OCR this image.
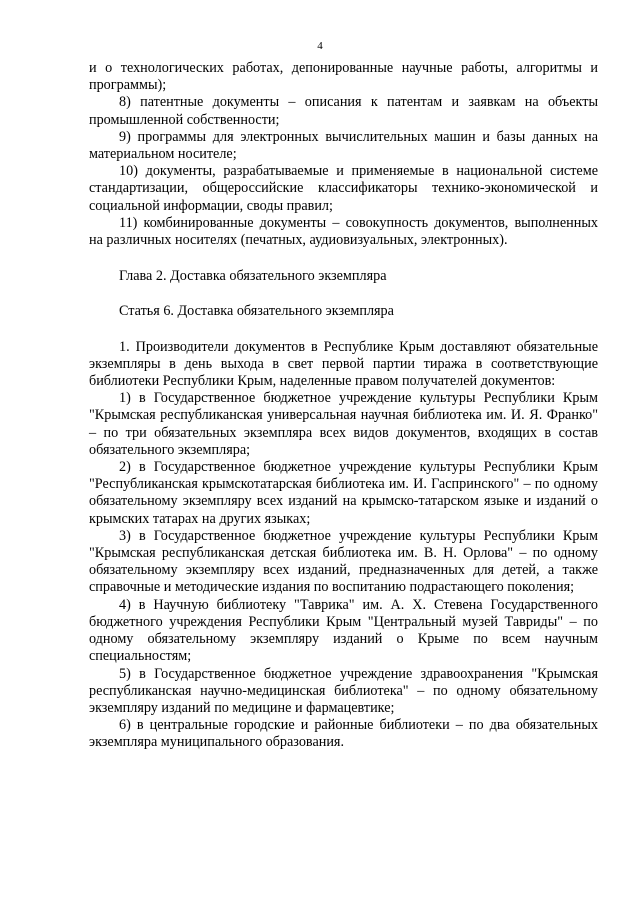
4

и о технологических работах, депонированные научные работы, алгоритмы и программы);

8) патентные документы – описания к патентам и заявкам на объекты промышленной собственности;

9) программы для электронных вычислительных машин и базы данных на материальном носителе;

10) документы, разрабатываемые и применяемые в национальной системе стандартизации, общероссийские классификаторы технико-экономической и социальной информации, своды правил;

11) комбинированные документы – совокупность документов, выполненных на различных носителях (печатных, аудиовизуальных, электронных).

Глава 2. Доставка обязательного экземпляра

Статья 6. Доставка обязательного экземпляра

1. Производители документов в Республике Крым доставляют обязательные экземпляры в день выхода в свет первой партии тиража в соответствующие библиотеки Республики Крым, наделенные правом получателей документов:

1) в Государственное бюджетное учреждение культуры Республики Крым "Крымская республиканская универсальная научная библиотека им. И. Я. Франко" – по три обязательных экземпляра всех видов документов, входящих в состав обязательного экземпляра;

2) в Государственное бюджетное учреждение культуры Республики Крым "Республиканская крымскотатарская библиотека им. И. Гаспринского" – по одному обязательному экземпляру всех изданий на крымско-татарском языке и изданий о крымских татарах на других языках;

3) в Государственное бюджетное учреждение культуры Республики Крым "Крымская республиканская детская библиотека им. В. Н. Орлова" – по одному обязательному экземпляру всех изданий, предназначенных для детей, а также справочные и методические издания по воспитанию подрастающего поколения;

4) в Научную библиотеку "Таврика" им. А. Х. Стевена Государственного бюджетного учреждения Республики Крым "Центральный музей Тавриды" – по одному обязательному экземпляру изданий о Крыме по всем научным специальностям;

5) в Государственное бюджетное учреждение здравоохранения "Крымская республиканская научно-медицинская библиотека" – по одному обязательному экземпляру изданий по медицине и фармацевтике;

6) в центральные городские и районные библиотеки – по два обязательных экземпляра муниципального образования.
